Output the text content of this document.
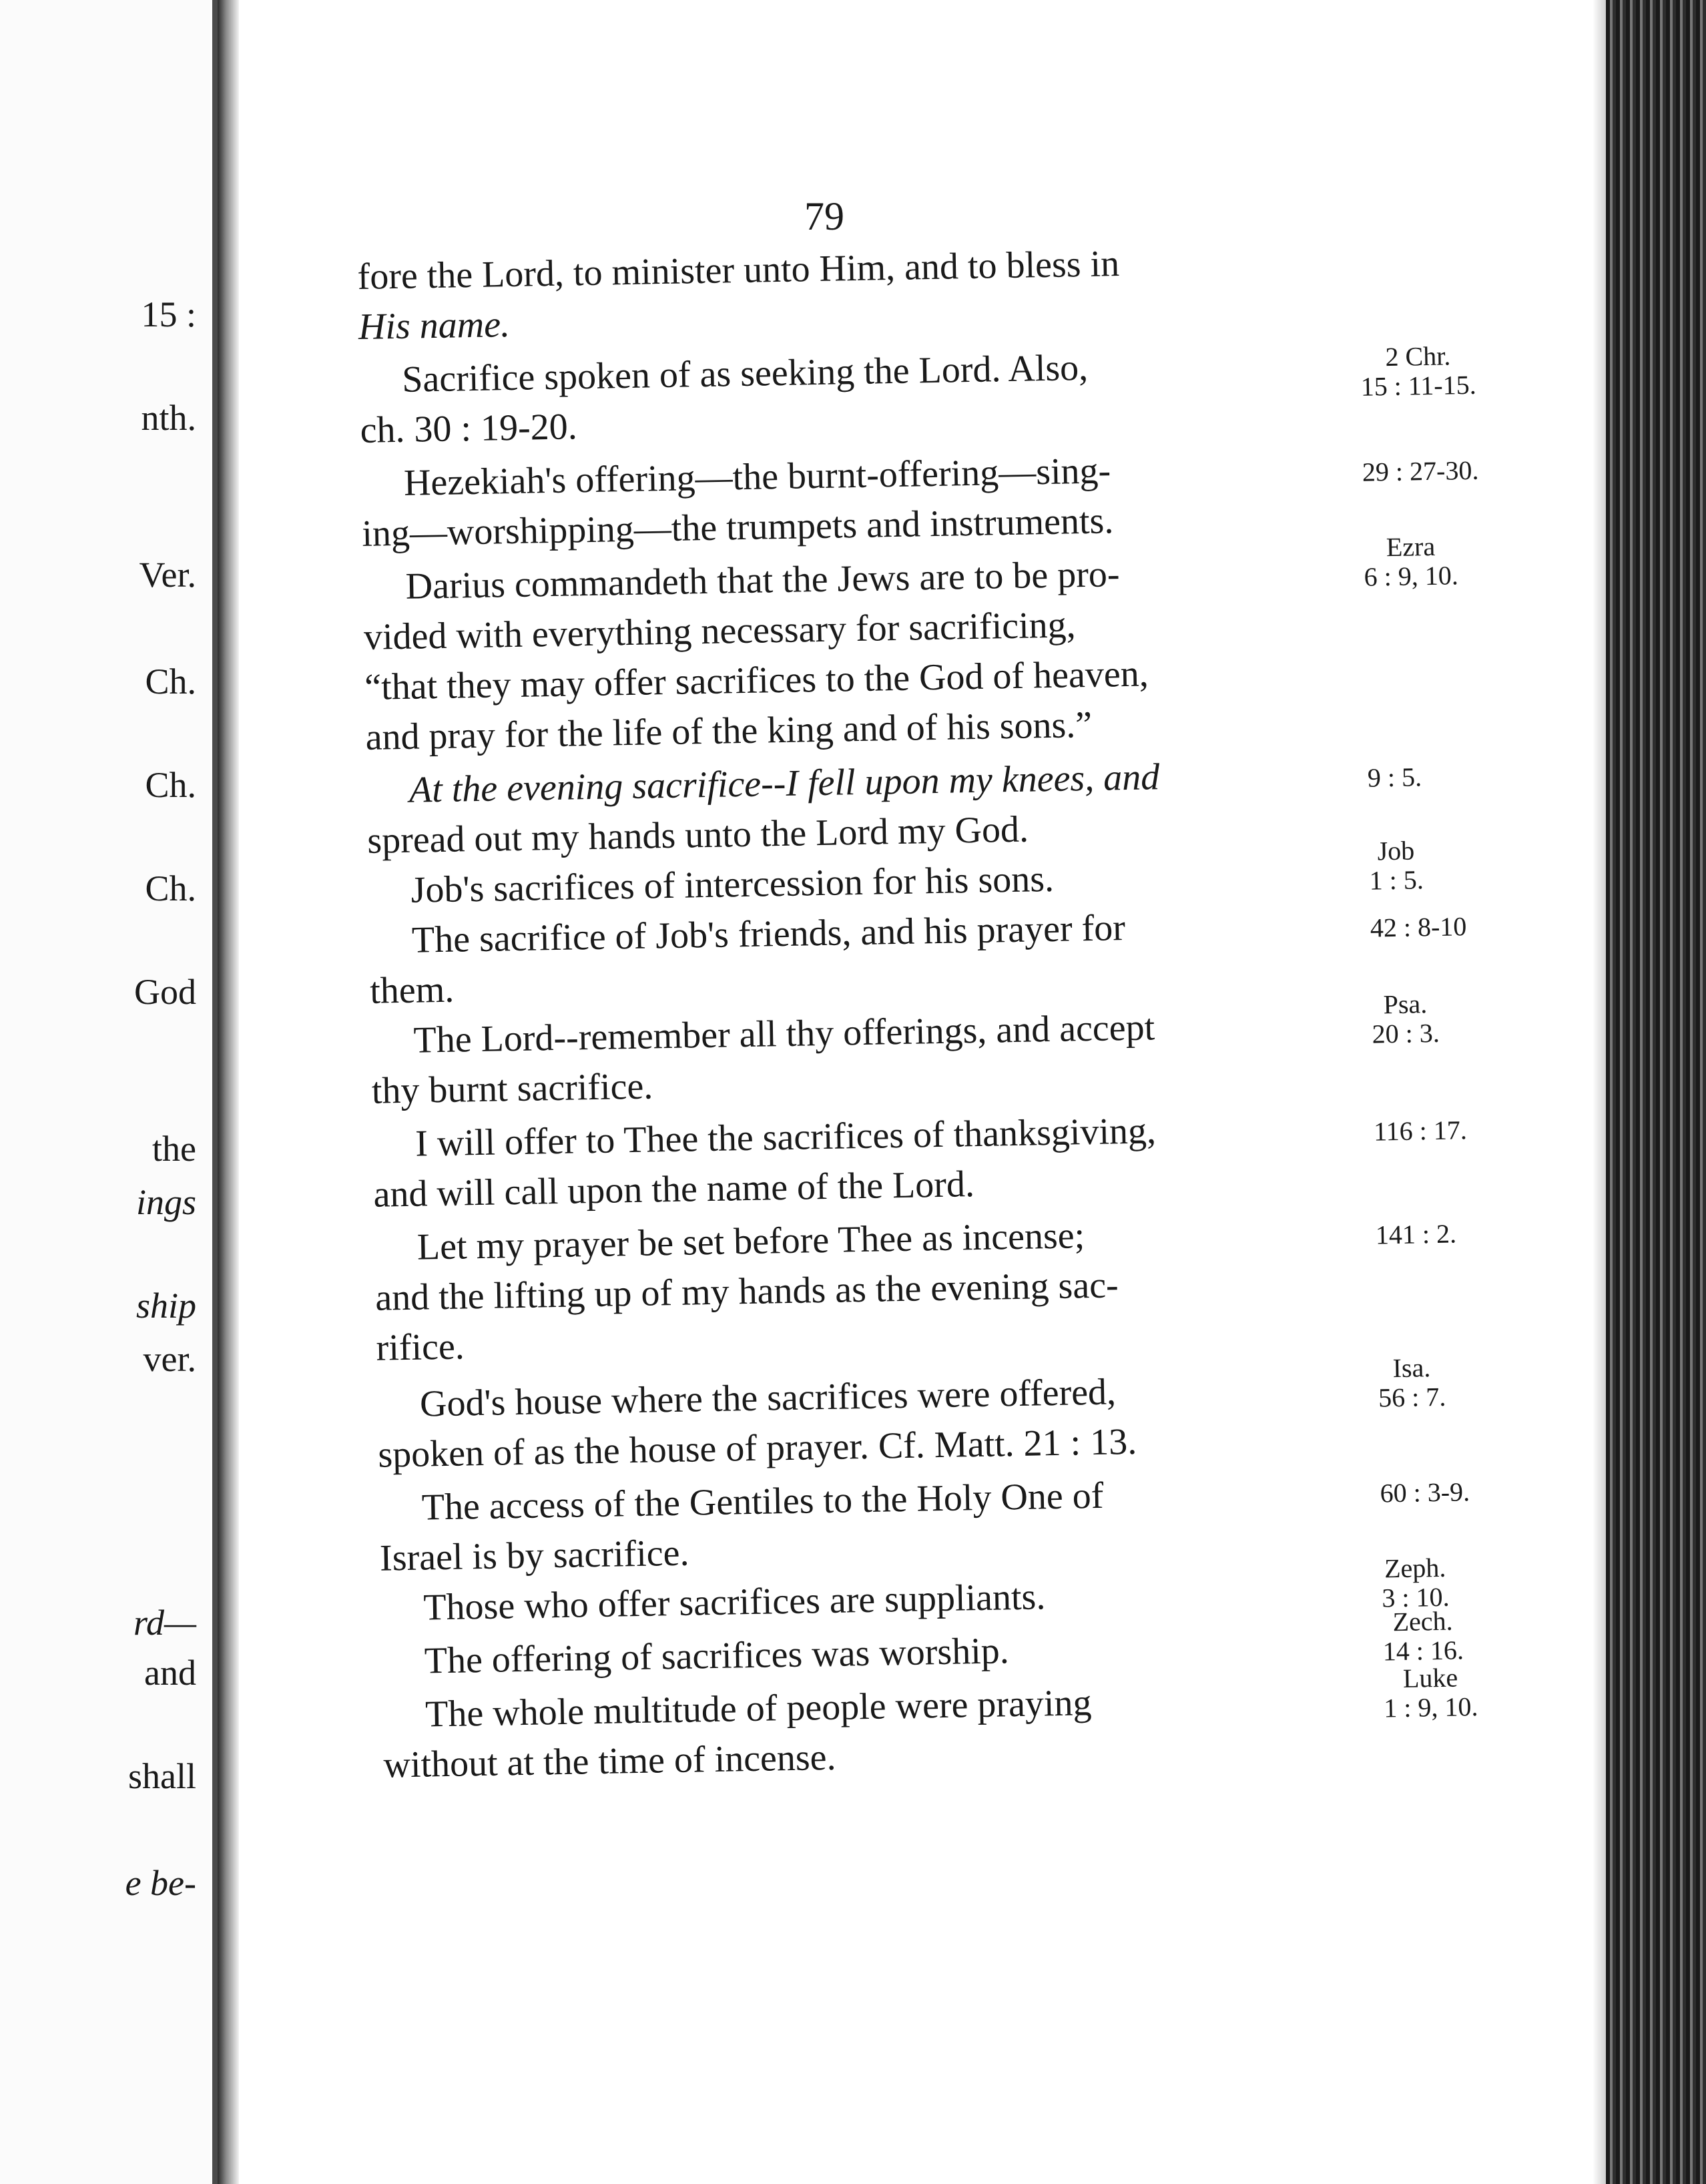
15 :
nth.
Ver.
Ch.
Ch.
Ch.
God
the
ings
ship
ver.
rd—
and
shall
e be-
79
fore the Lord, to minister unto Him, and to bless in
His name.
Sacrifice spoken of as seeking the Lord. Also,
ch. 30 : 19-20.
Hezekiah's offering—the burnt-offering—sing-
ing—worshipping—the trumpets and instruments.
Darius commandeth that the Jews are to be pro-
vided with everything necessary for sacrificing,
“that they may offer sacrifices to the God of heaven,
and pray for the life of the king and of his sons.”
At the evening sacrifice--I fell upon my knees, and
spread out my hands unto the Lord my God.
Job's sacrifices of intercession for his sons.
The sacrifice of Job's friends, and his prayer for
them.
The Lord--remember all thy offerings, and accept
thy burnt sacrifice.
I will offer to Thee the sacrifices of thanksgiving,
and will call upon the name of the Lord.
Let my prayer be set before Thee as incense;
and the lifting up of my hands as the evening sac-
rifice.
God's house where the sacrifices were offered,
spoken of as the house of prayer. Cf. Matt. 21 : 13.
The access of the Gentiles to the Holy One of
Israel is by sacrifice.
Those who offer sacrifices are suppliants.
The offering of sacrifices was worship.
The whole multitude of people were praying
without at the time of incense.
2 Chr.
15 : 11-15.
29 : 27-30.
Ezra
6 : 9, 10.
9 : 5.
Job
1 : 5.
42 : 8-10
Psa.
20 : 3.
116 : 17.
141 : 2.
Isa.
56 : 7.
60 : 3-9.
Zeph.
3 : 10.
Zech.
14 : 16.
Luke
1 : 9, 10.
